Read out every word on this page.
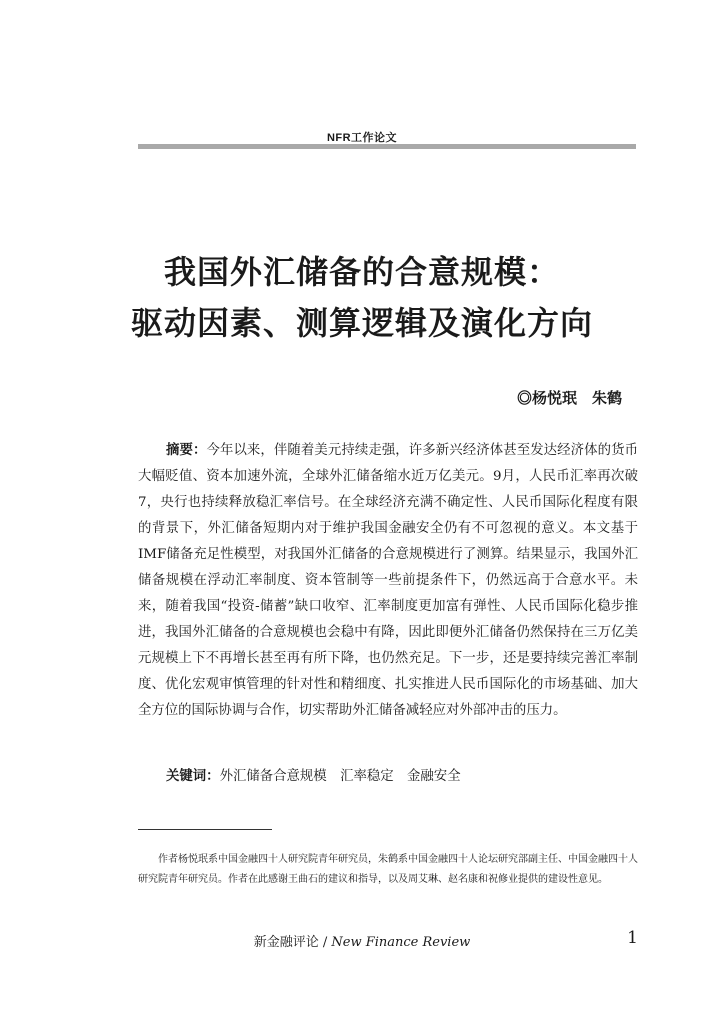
NFR工作论文
我国外汇储备的合意规模：
驱动因素、测算逻辑及演化方向
◎杨悦珉　朱鹤

摘要：今年以来，伴随着美元持续走强，许多新兴经济体甚至发达经济体的货币大幅贬值、资本加速外流，全球外汇储备缩水近万亿美元。9月，人民币汇率再次破7，央行也持续释放稳汇率信号。在全球经济充满不确定性、人民币国际化程度有限的背景下，外汇储备短期内对于维护我国金融安全仍有不可忽视的意义。本文基于IMF储备充足性模型，对我国外汇储备的合意规模进行了测算。结果显示，我国外汇储备规模在浮动汇率制度、资本管制等一些前提条件下，仍然远高于合意水平。未来，随着我国“投资-储蓄”缺口收窄、汇率制度更加富有弹性、人民币国际化稳步推进，我国外汇储备的合意规模也会稳中有降，因此即便外汇储备仍然保持在三万亿美元规模上下不再增长甚至再有所下降，也仍然充足。下一步，还是要持续完善汇率制度、优化宏观审慎管理的针对性和精细度、扎实推进人民币国际化的市场基础、加大全方位的国际协调与合作，切实帮助外汇储备减轻应对外部冲击的压力。

关键词：外汇储备合意规模　汇率稳定　金融安全

作者杨悦珉系中国金融四十人研究院青年研究员，朱鹤系中国金融四十人论坛研究部副主任、中国金融四十人研究院青年研究员。作者在此感谢王曲石的建议和指导，以及周艾琳、赵名康和祝修业提供的建设性意见。

新金融评论 / New Finance Review	1
